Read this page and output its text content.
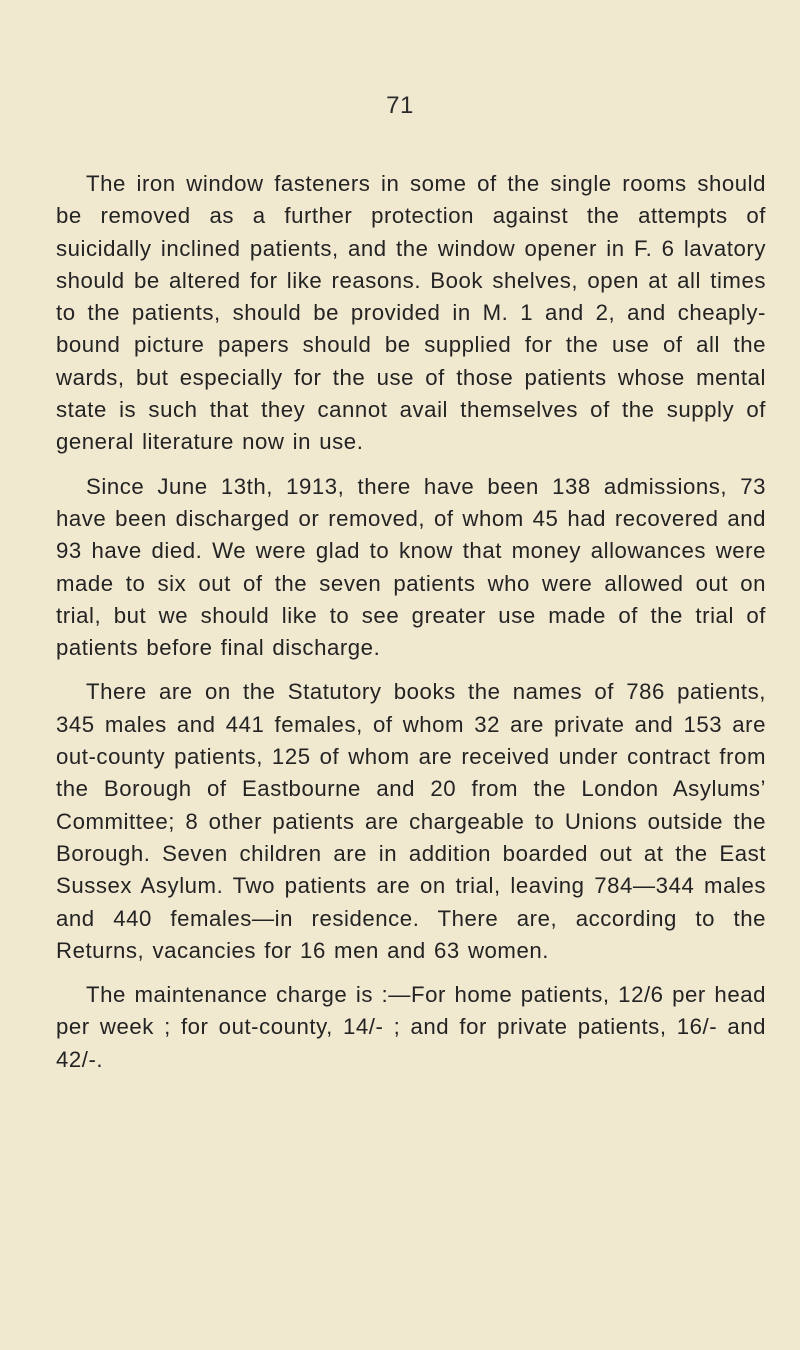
71

The iron window fasteners in some of the single rooms should be removed as a further protection against the attempts of suicidally inclined patients, and the window opener in F. 6 lavatory should be altered for like reasons. Book shelves, open at all times to the patients, should be provided in M. 1 and 2, and cheaply-bound picture papers should be supplied for the use of all the wards, but especially for the use of those patients whose mental state is such that they cannot avail themselves of the supply of general literature now in use.

Since June 13th, 1913, there have been 138 admissions, 73 have been discharged or removed, of whom 45 had recovered and 93 have died. We were glad to know that money allowances were made to six out of the seven patients who were allowed out on trial, but we should like to see greater use made of the trial of patients before final discharge.

There are on the Statutory books the names of 786 patients, 345 males and 441 females, of whom 32 are private and 153 are out-county patients, 125 of whom are received under contract from the Borough of Eastbourne and 20 from the London Asylums’ Committee; 8 other patients are chargeable to Unions outside the Borough. Seven children are in addition boarded out at the East Sussex Asylum. Two patients are on trial, leaving 784—344 males and 440 females—in residence. There are, according to the Returns, vacancies for 16 men and 63 women.

The maintenance charge is :—For home patients, 12/6 per head per week ; for out-county, 14/- ; and for private patients, 16/- and 42/-.
